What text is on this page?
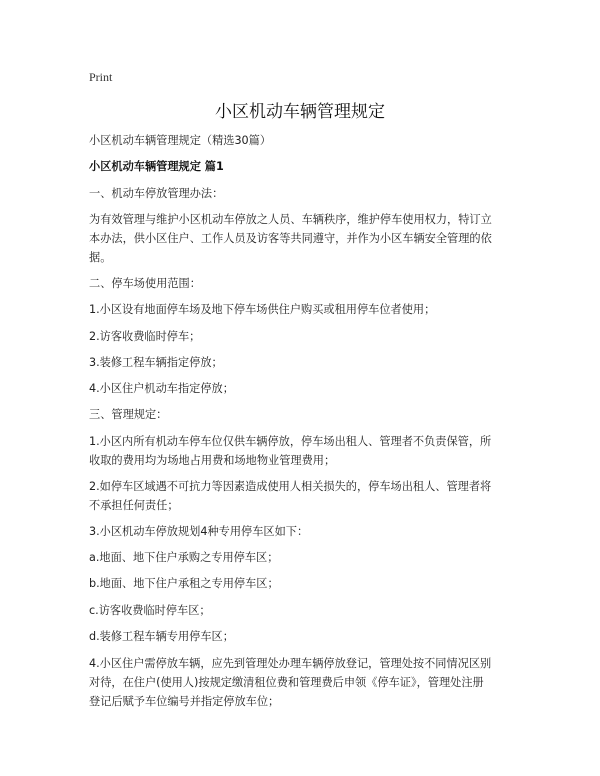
Print
小区机动车辆管理规定
小区机动车辆管理规定（精选30篇）
小区机动车辆管理规定 篇1
一、机动车停放管理办法：
为有效管理与维护小区机动车停放之人员、车辆秩序，维护停车使用权力，特订立
本办法，供小区住户、工作人员及访客等共同遵守，并作为小区车辆安全管理的依
据。
二、停车场使用范围：
1.小区设有地面停车场及地下停车场供住户购买或租用停车位者使用；
2.访客收费临时停车；
3.装修工程车辆指定停放；
4.小区住户机动车指定停放；
三、管理规定：
1.小区内所有机动车停车位仅供车辆停放，停车场出租人、管理者不负责保管，所
收取的费用均为场地占用费和场地物业管理费用；
2.如停车区域遇不可抗力等因素造成使用人相关损失的，停车场出租人、管理者将
不承担任何责任；
3.小区机动车停放规划4种专用停车区如下：
a.地面、地下住户承购之专用停车区；
b.地面、地下住户承租之专用停车区；
c.访客收费临时停车区；
d.装修工程车辆专用停车区；
4.小区住户需停放车辆，应先到管理处办理车辆停放登记，管理处按不同情况区别
对待，在住户(使用人)按规定缴清租位费和管理费后申领《停车证》，管理处注册
登记后赋予车位编号并指定停放车位；
